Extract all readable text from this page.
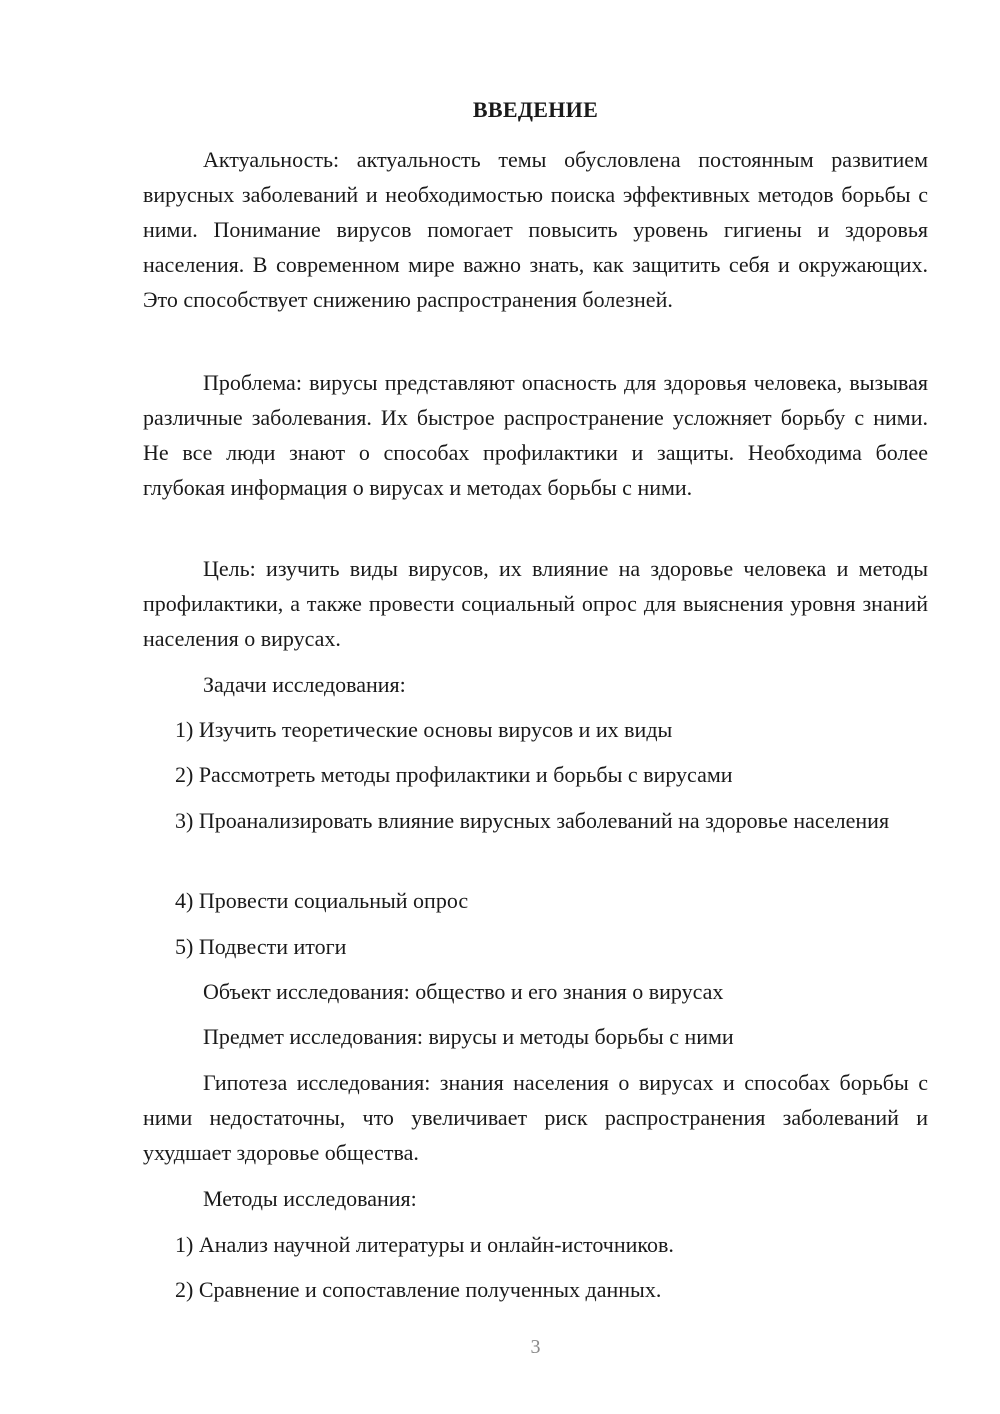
ВВЕДЕНИЕ

Актуальность: актуальность темы обусловлена постоянным развитием вирусных заболеваний и необходимостью поиска эффективных методов борьбы с ними. Понимание вирусов помогает повысить уровень гигиены и здоровья населения. В современном мире важно знать, как защитить себя и окружающих. Это способствует снижению распространения болезней.

Проблема: вирусы представляют опасность для здоровья человека, вызывая различные заболевания. Их быстрое распространение усложняет борьбу с ними. Не все люди знают о способах профилактики и защиты. Необходима более глубокая информация о вирусах и методах борьбы с ними.

Цель: изучить виды вирусов, их влияние на здоровье человека и методы профилактики, а также провести социальный опрос для выяснения уровня знаний населения о вирусах.

Задачи исследования:

1) Изучить теоретические основы вирусов и их виды

2) Рассмотреть методы профилактики и борьбы с вирусами

3) Проанализировать влияние вирусных заболеваний на здоровье населения

4) Провести социальный опрос

5) Подвести итоги

Объект исследования: общество и его знания о вирусах

Предмет исследования: вирусы и методы борьбы с ними

Гипотеза исследования: знания населения о вирусах и способах борьбы с ними недостаточны, что увеличивает риск распространения заболеваний и ухудшает здоровье общества.

Методы исследования:

1) Анализ научной литературы и онлайн-источников.

2) Сравнение и сопоставление полученных данных.

3
